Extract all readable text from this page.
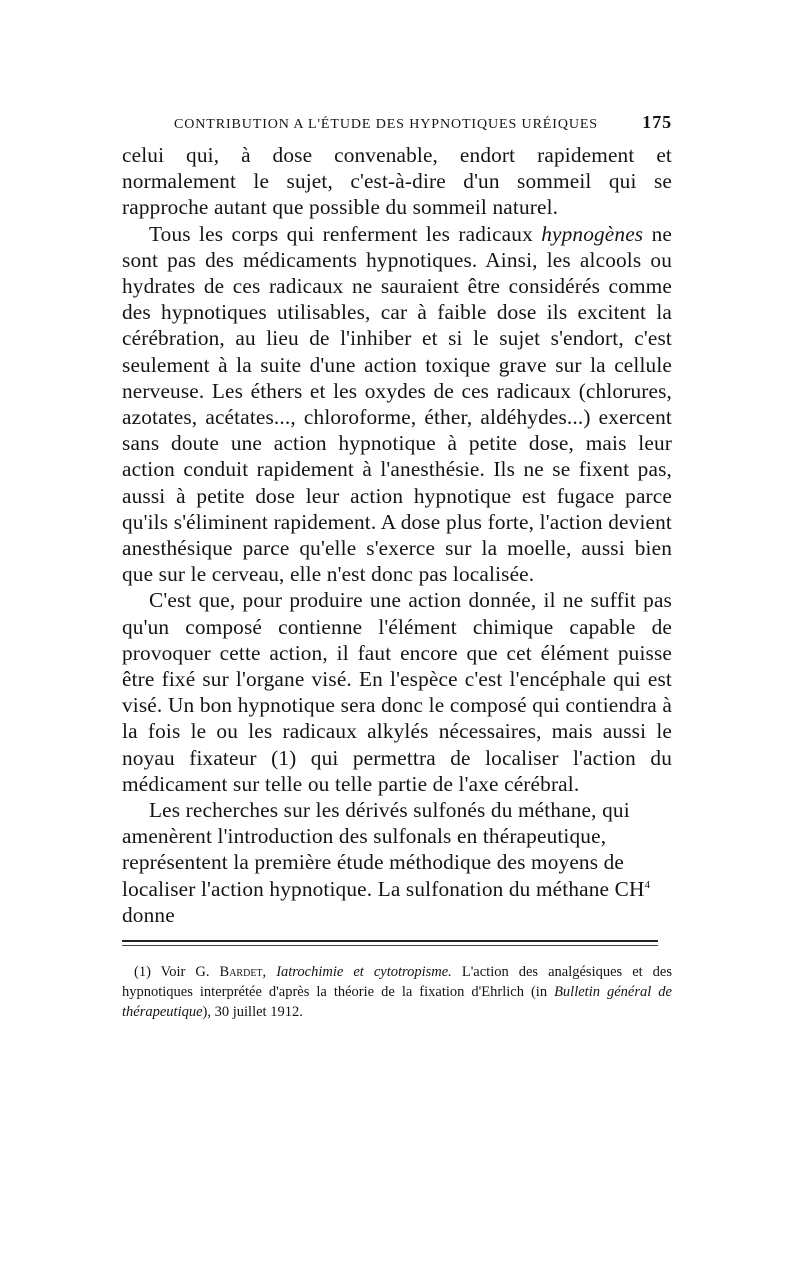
CONTRIBUTION A L'ÉTUDE DES HYPNOTIQUES URÉIQUES 175

celui qui, à dose convenable, endort rapidement et normalement le sujet, c'est-à-dire d'un sommeil qui se rapproche autant que possible du sommeil naturel.

Tous les corps qui renferment les radicaux hypnogènes ne sont pas des médicaments hypnotiques. Ainsi, les alcools ou hydrates de ces radicaux ne sauraient être considérés comme des hypnotiques utilisables, car à faible dose ils excitent la cérébration, au lieu de l'inhiber et si le sujet s'endort, c'est seulement à la suite d'une action toxique grave sur la cellule nerveuse. Les éthers et les oxydes de ces radicaux (chlorures, azotates, acétates..., chloroforme, éther, aldéhydes...) exercent sans doute une action hypnotique à petite dose, mais leur action conduit rapidement à l'anesthésie. Ils ne se fixent pas, aussi à petite dose leur action hypnotique est fugace parce qu'ils s'éliminent rapidement. A dose plus forte, l'action devient anesthésique parce qu'elle s'exerce sur la moelle, aussi bien que sur le cerveau, elle n'est donc pas localisée.

C'est que, pour produire une action donnée, il ne suffit pas qu'un composé contienne l'élément chimique capable de provoquer cette action, il faut encore que cet élément puisse être fixé sur l'organe visé. En l'espèce c'est l'encéphale qui est visé. Un bon hypnotique sera donc le composé qui contiendra à la fois le ou les radicaux alkylés nécessaires, mais aussi le noyau fixateur (1) qui permettra de localiser l'action du médicament sur telle ou telle partie de l'axe cérébral.

Les recherches sur les dérivés sulfonés du méthane, qui amenèrent l'introduction des sulfonals en thérapeutique, représentent la première étude méthodique des moyens de localiser l'action hypnotique. La sulfonation du méthane $CH^4$ donne

(1) Voir G. Bardet, Iatrochimie et cytotropisme. L'action des analgésiques et des hypnotiques interprétée d'après la théorie de la fixation d'Ehrlich (in Bulletin général de thérapeutique), 30 juillet 1912.
